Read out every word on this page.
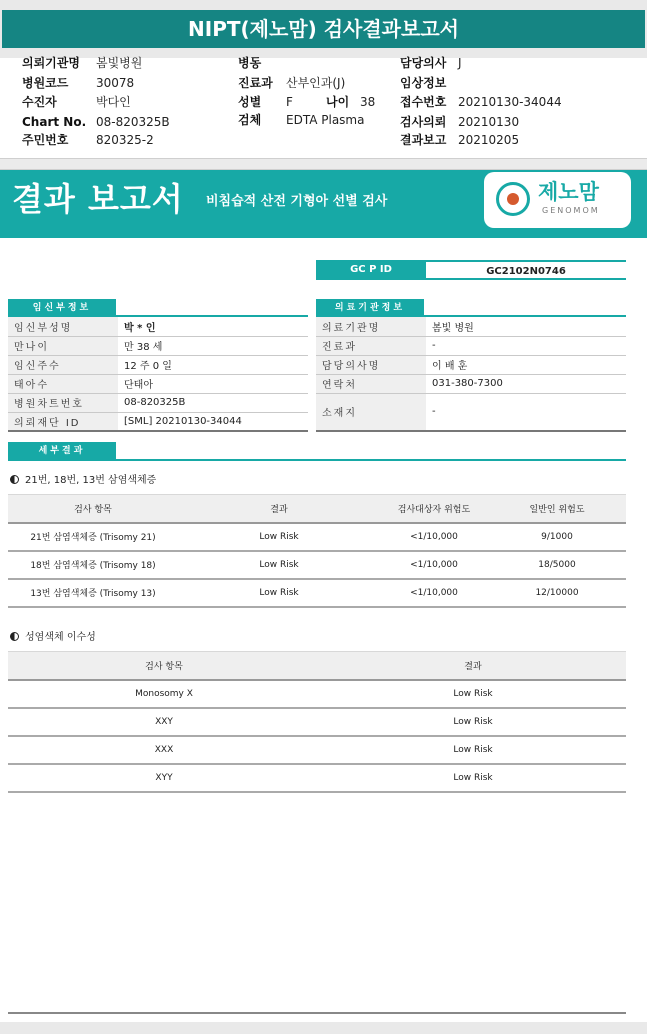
NIPT(제노맘) 검사결과보고서
의뢰기관명 봄빛병원
병원코드 30078
수진자	박다인
Chart No. 08-820325B
주민번호 820325-2
병동
진료과 산부인과(J)
성별 F	나이 38
검체 EDTA Plasma
담당의사 J
임상정보
접수번호 20210130-34044
검사의뢰 20210130
결과보고 20210205
결과 보고서 비침습적 산전 기형아 선별 검사	제노맘
GENOMOM
GC P ID	GC2102N0746
임신부정보
임신부성명	박 * 인
만나이	만 38 세
임신주수	12 주 0 일
태아수	단태아
병원차트번호	08-820325B
의뢰재단 ID	[SML] 20210130-34044
의료기관정보
의료기관명	봄빛 병원
진료과	-
담당의사명	이 배 훈
연락처	031-380-7300
소재지	-
세부결과
21번, 18번, 13번 삼염색체증
검사 항목	결과	검사대상자 위험도	일반인 위험도
21번 삼염색체증 (Trisomy 21)	Low Risk	<1/10,000	9/1000
18번 삼염색체증 (Trisomy 18)	Low Risk	<1/10,000	18/5000
13번 삼염색체증 (Trisomy 13)	Low Risk	<1/10,000	12/10000
성염색체 이수성
검사 항목	결과
Monosomy X	Low Risk
XXY	Low Risk
XXX	Low Risk
XYY	Low Risk
